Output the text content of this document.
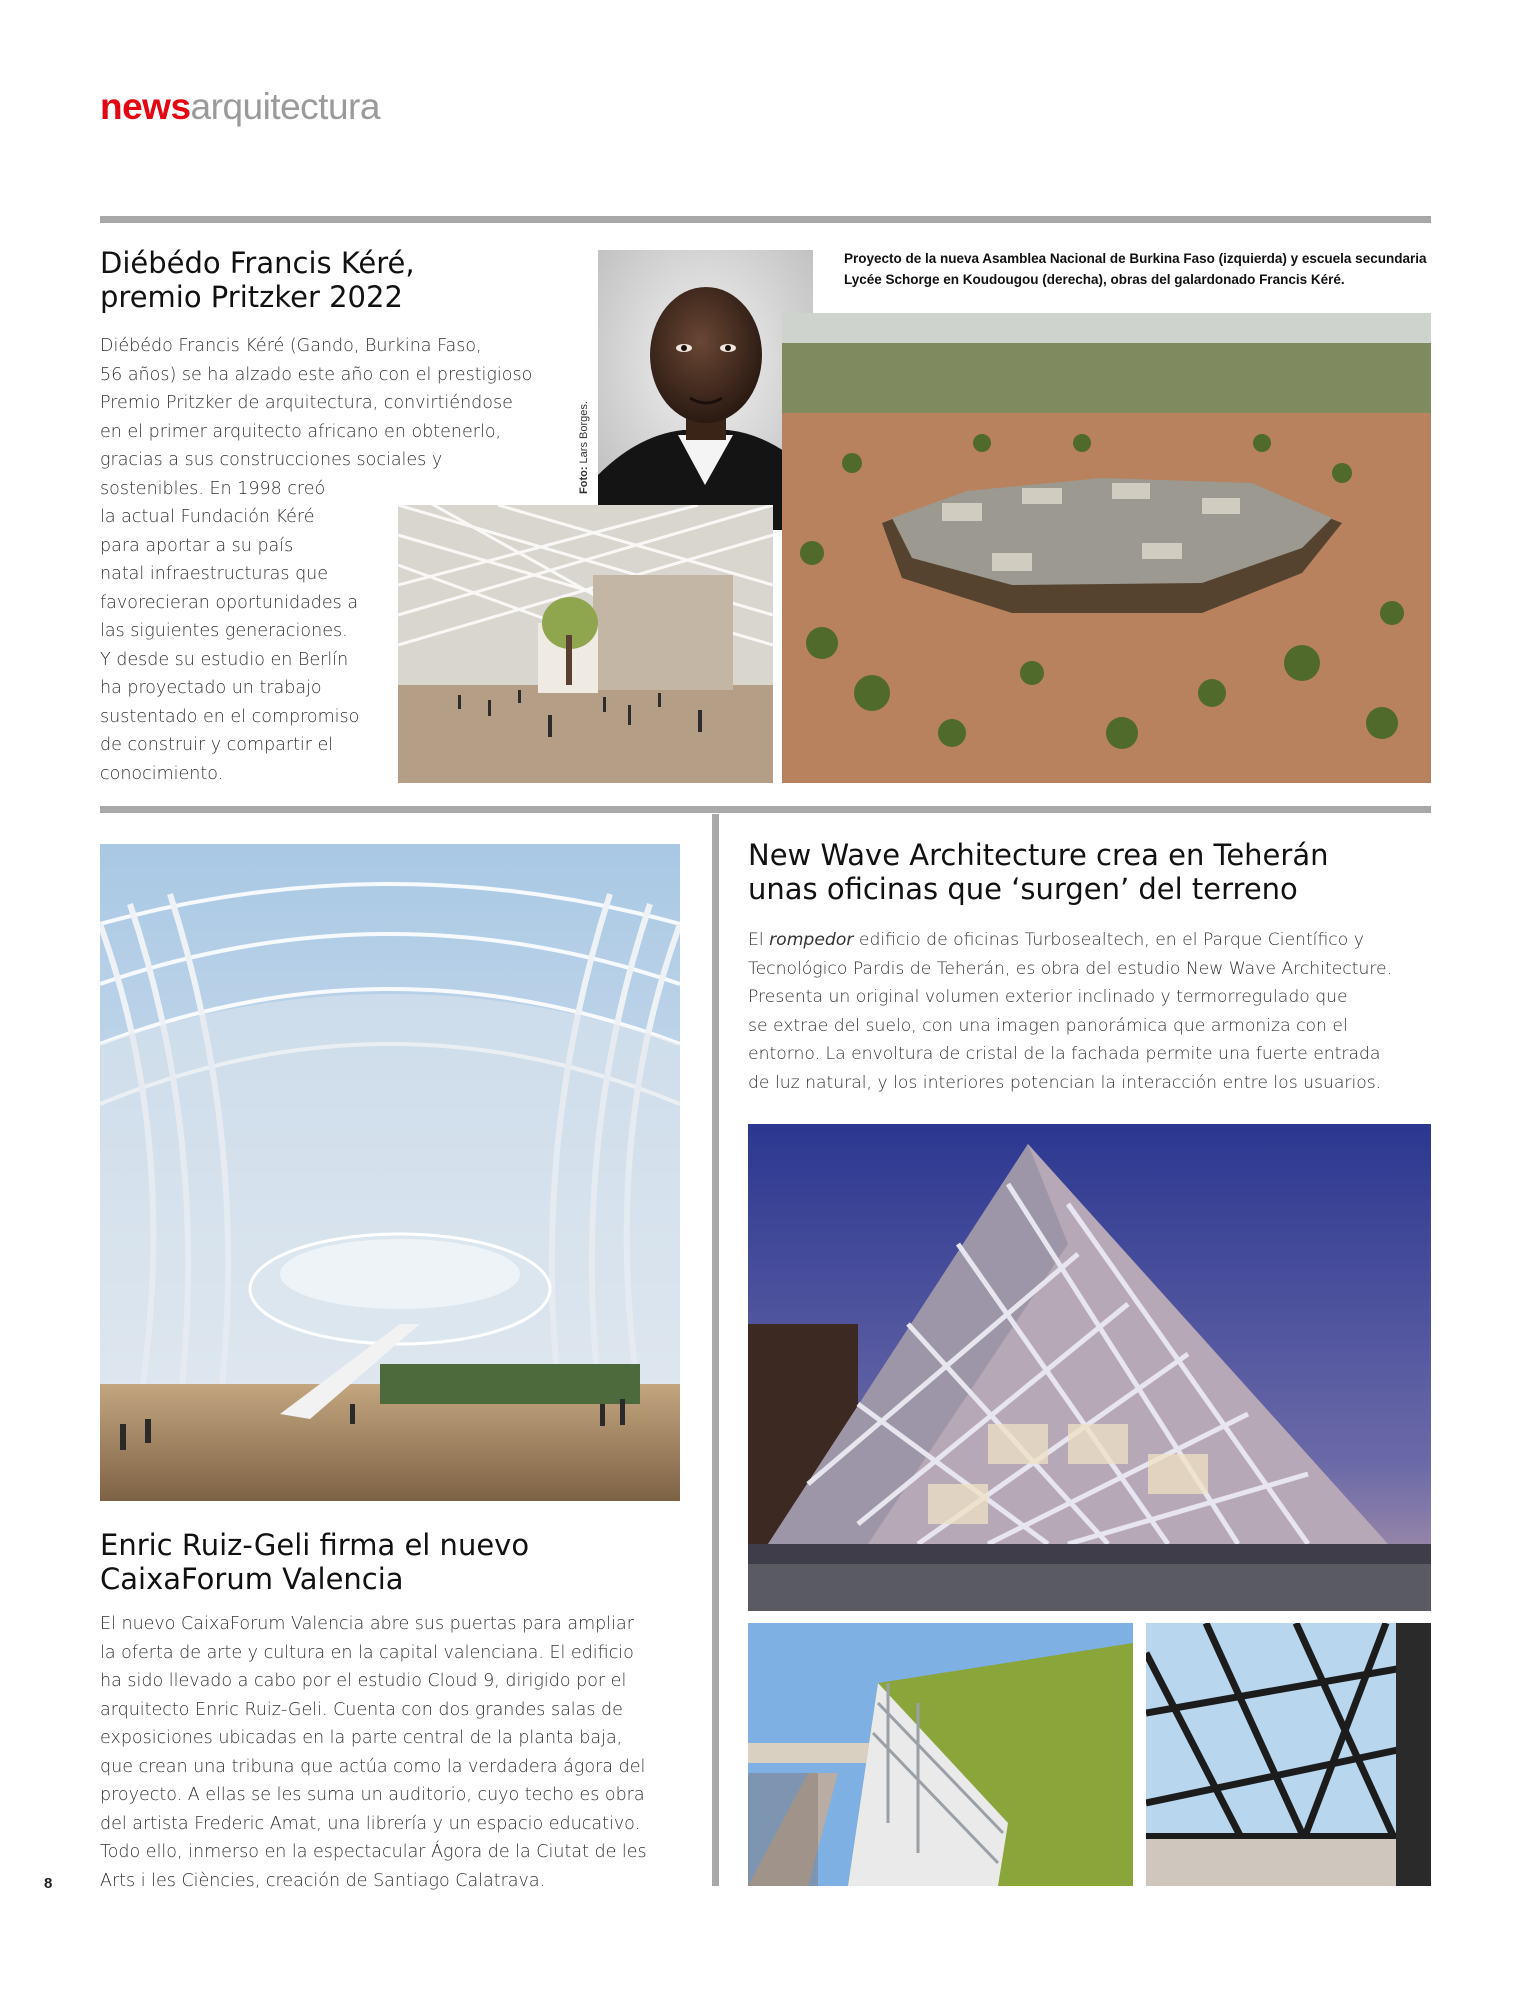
newsarquitectura
Diébédo Francis Kéré,
premio Pritzker 2022

Diébédo Francis Kéré (Gando, Burkina Faso,
56 años) se ha alzado este año con el prestigioso
Premio Pritzker de arquitectura, convirtiéndose
en el primer arquitecto africano en obtenerlo,
gracias a sus construcciones sociales y
sostenibles. En 1998 creó
la actual Fundación Kéré
para aportar a su país
natal infraestructuras que
favorecieran oportunidades a
las siguientes generaciones.
Y desde su estudio en Berlín
ha proyectado un trabajo
sustentado en el compromiso
de construir y compartir el
conocimiento.

Foto: Lars Borges.
Proyecto de la nueva Asamblea Nacional de Burkina Faso (izquierda) y escuela secundaria
Lycée Schorge en Koudougou (derecha), obras del galardonado Francis Kéré.
Enric Ruiz-Geli firma el nuevo
CaixaForum Valencia

El nuevo CaixaForum Valencia abre sus puertas para ampliar
la oferta de arte y cultura en la capital valenciana. El edificio
ha sido llevado a cabo por el estudio Cloud 9, dirigido por el
arquitecto Enric Ruiz-Geli. Cuenta con dos grandes salas de
exposiciones ubicadas en la parte central de la planta baja,
que crean una tribuna que actúa como la verdadera ágora del
proyecto. A ellas se les suma un auditorio, cuyo techo es obra
del artista Frederic Amat, una librería y un espacio educativo.
Todo ello, inmerso en la espectacular Ágora de la Ciutat de les
Arts i les Ciències, creación de Santiago Calatrava.

New Wave Architecture crea en Teherán
unas oficinas que ‘surgen’ del terreno

El rompedor edificio de oficinas Turbosealtech, en el Parque Científico y
Tecnológico Pardis de Teherán, es obra del estudio New Wave Architecture.
Presenta un original volumen exterior inclinado y termorregulado que
se extrae del suelo, con una imagen panorámica que armoniza con el
entorno. La envoltura de cristal de la fachada permite una fuerte entrada
de luz natural, y los interiores potencian la interacción entre los usuarios.

8
